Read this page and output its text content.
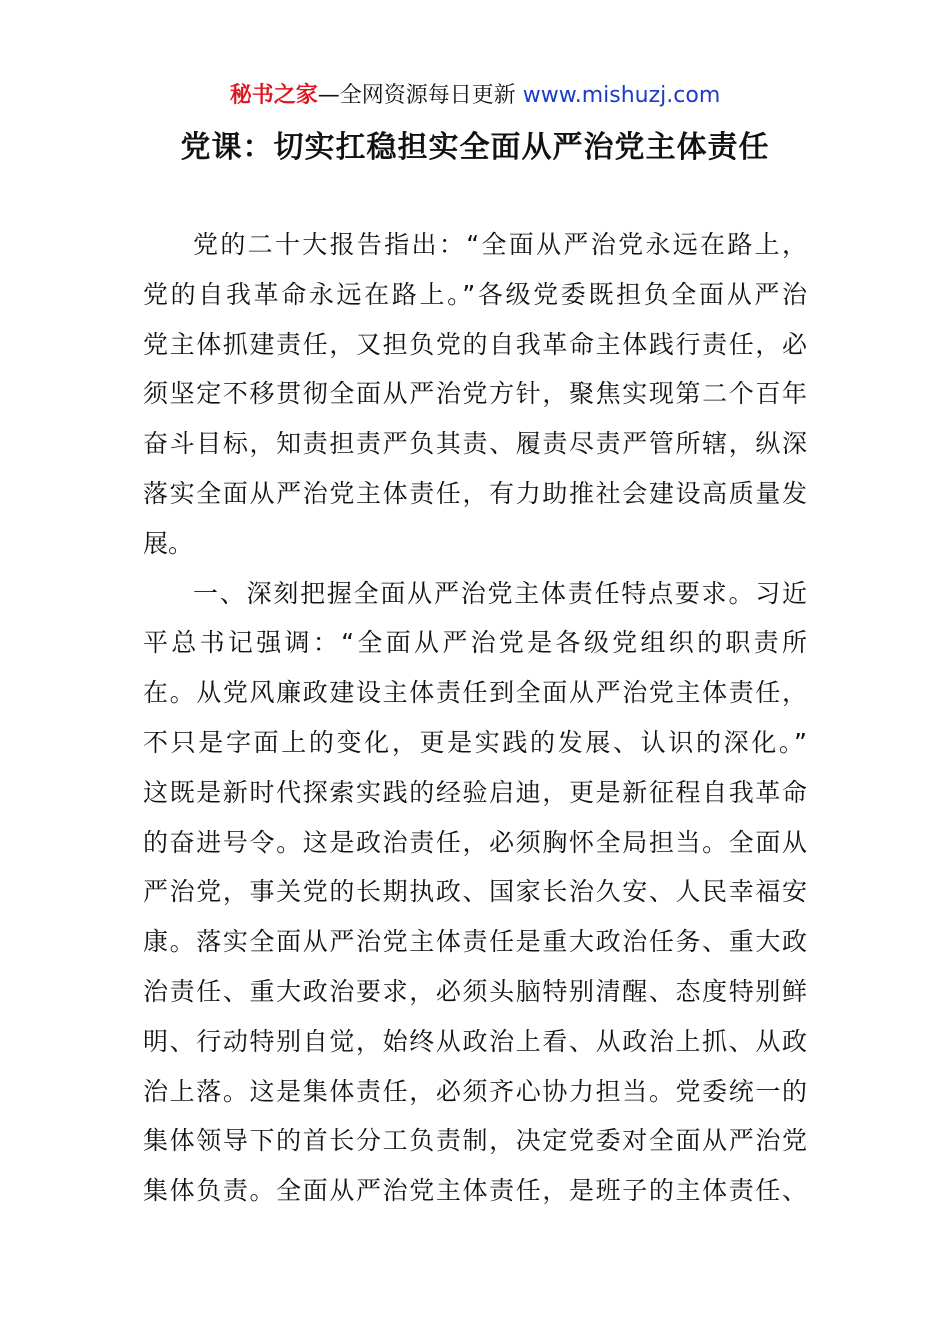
秘书之家—全网资源每日更新 www.mishuzj.com
党课：切实扛稳担实全面从严治党主体责任
党的二十大报告指出：“全面从严治党永远在路上，
党的自我革命永远在路上。”各级党委既担负全面从严治
党主体抓建责任，又担负党的自我革命主体践行责任，必
须坚定不移贯彻全面从严治党方针，聚焦实现第二个百年
奋斗目标，知责担责严负其责、履责尽责严管所辖，纵深
落实全面从严治党主体责任，有力助推社会建设高质量发
展。
一、深刻把握全面从严治党主体责任特点要求。习近
平总书记强调：“全面从严治党是各级党组织的职责所
在。从党风廉政建设主体责任到全面从严治党主体责任，
不只是字面上的变化，更是实践的发展、认识的深化。”
这既是新时代探索实践的经验启迪，更是新征程自我革命
的奋进号令。这是政治责任，必须胸怀全局担当。全面从
严治党，事关党的长期执政、国家长治久安、人民幸福安
康。落实全面从严治党主体责任是重大政治任务、重大政
治责任、重大政治要求，必须头脑特别清醒、态度特别鲜
明、行动特别自觉，始终从政治上看、从政治上抓、从政
治上落。这是集体责任，必须齐心协力担当。党委统一的
集体领导下的首长分工负责制，决定党委对全面从严治党
集体负责。全面从严治党主体责任，是班子的主体责任、
